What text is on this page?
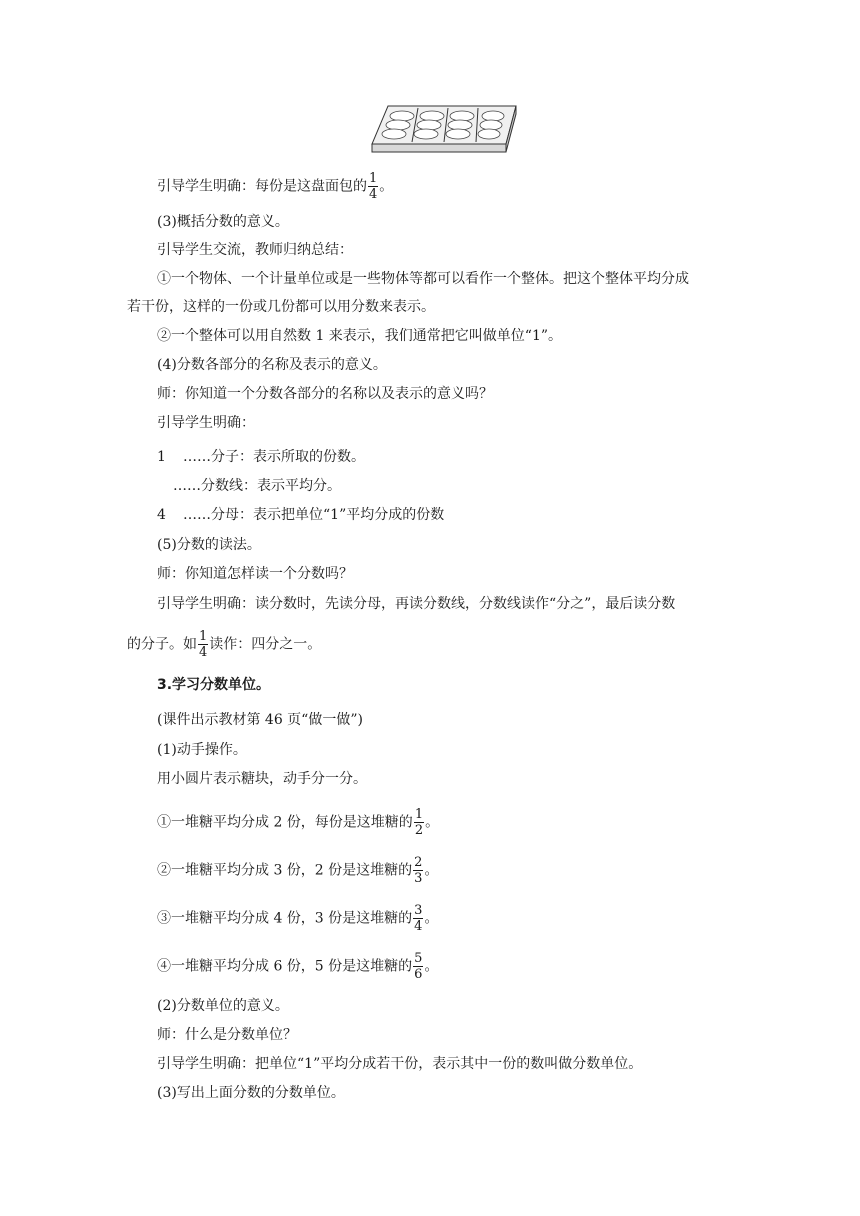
引导学生明确：每份是这盘面包的 $\frac{1}{4}$ 。
(3)概括分数的意义。
引导学生交流，教师归纳总结：
①一个物体、一个计量单位或是一些物体等都可以看作一个整体。把这个整体平均分成
若干份，这样的一份或几份都可以用分数来表示。
②一个整体可以用自然数 1 来表示，我们通常把它叫做单位“1”。
(4)分数各部分的名称及表示的意义。
师：你知道一个分数各部分的名称以及表示的意义吗？
引导学生明确：
1 ……分子：表示所取的份数。
……分数线：表示平均分。
4 ……分母：表示把单位“1”平均分成的份数
(5)分数的读法。
师：你知道怎样读一个分数吗？
引导学生明确：读分数时，先读分母，再读分数线，分数线读作“分之”，最后读分数
的分子。如 $\frac{1}{4}$ 读作：四分之一。
3.学习分数单位。
(课件出示教材第 46 页“做一做”)
(1)动手操作。
用小圆片表示糖块，动手分一分。
①一堆糖平均分成 2 份，每份是这堆糖的 $\frac{1}{2}$ 。
②一堆糖平均分成 3 份，2 份是这堆糖的 $\frac{2}{3}$ 。
③一堆糖平均分成 4 份，3 份是这堆糖的 $\frac{3}{4}$ 。
④一堆糖平均分成 6 份，5 份是这堆糖的 $\frac{5}{6}$ 。
(2)分数单位的意义。
师：什么是分数单位？
引导学生明确：把单位“1”平均分成若干份，表示其中一份的数叫做分数单位。
(3)写出上面分数的分数单位。
